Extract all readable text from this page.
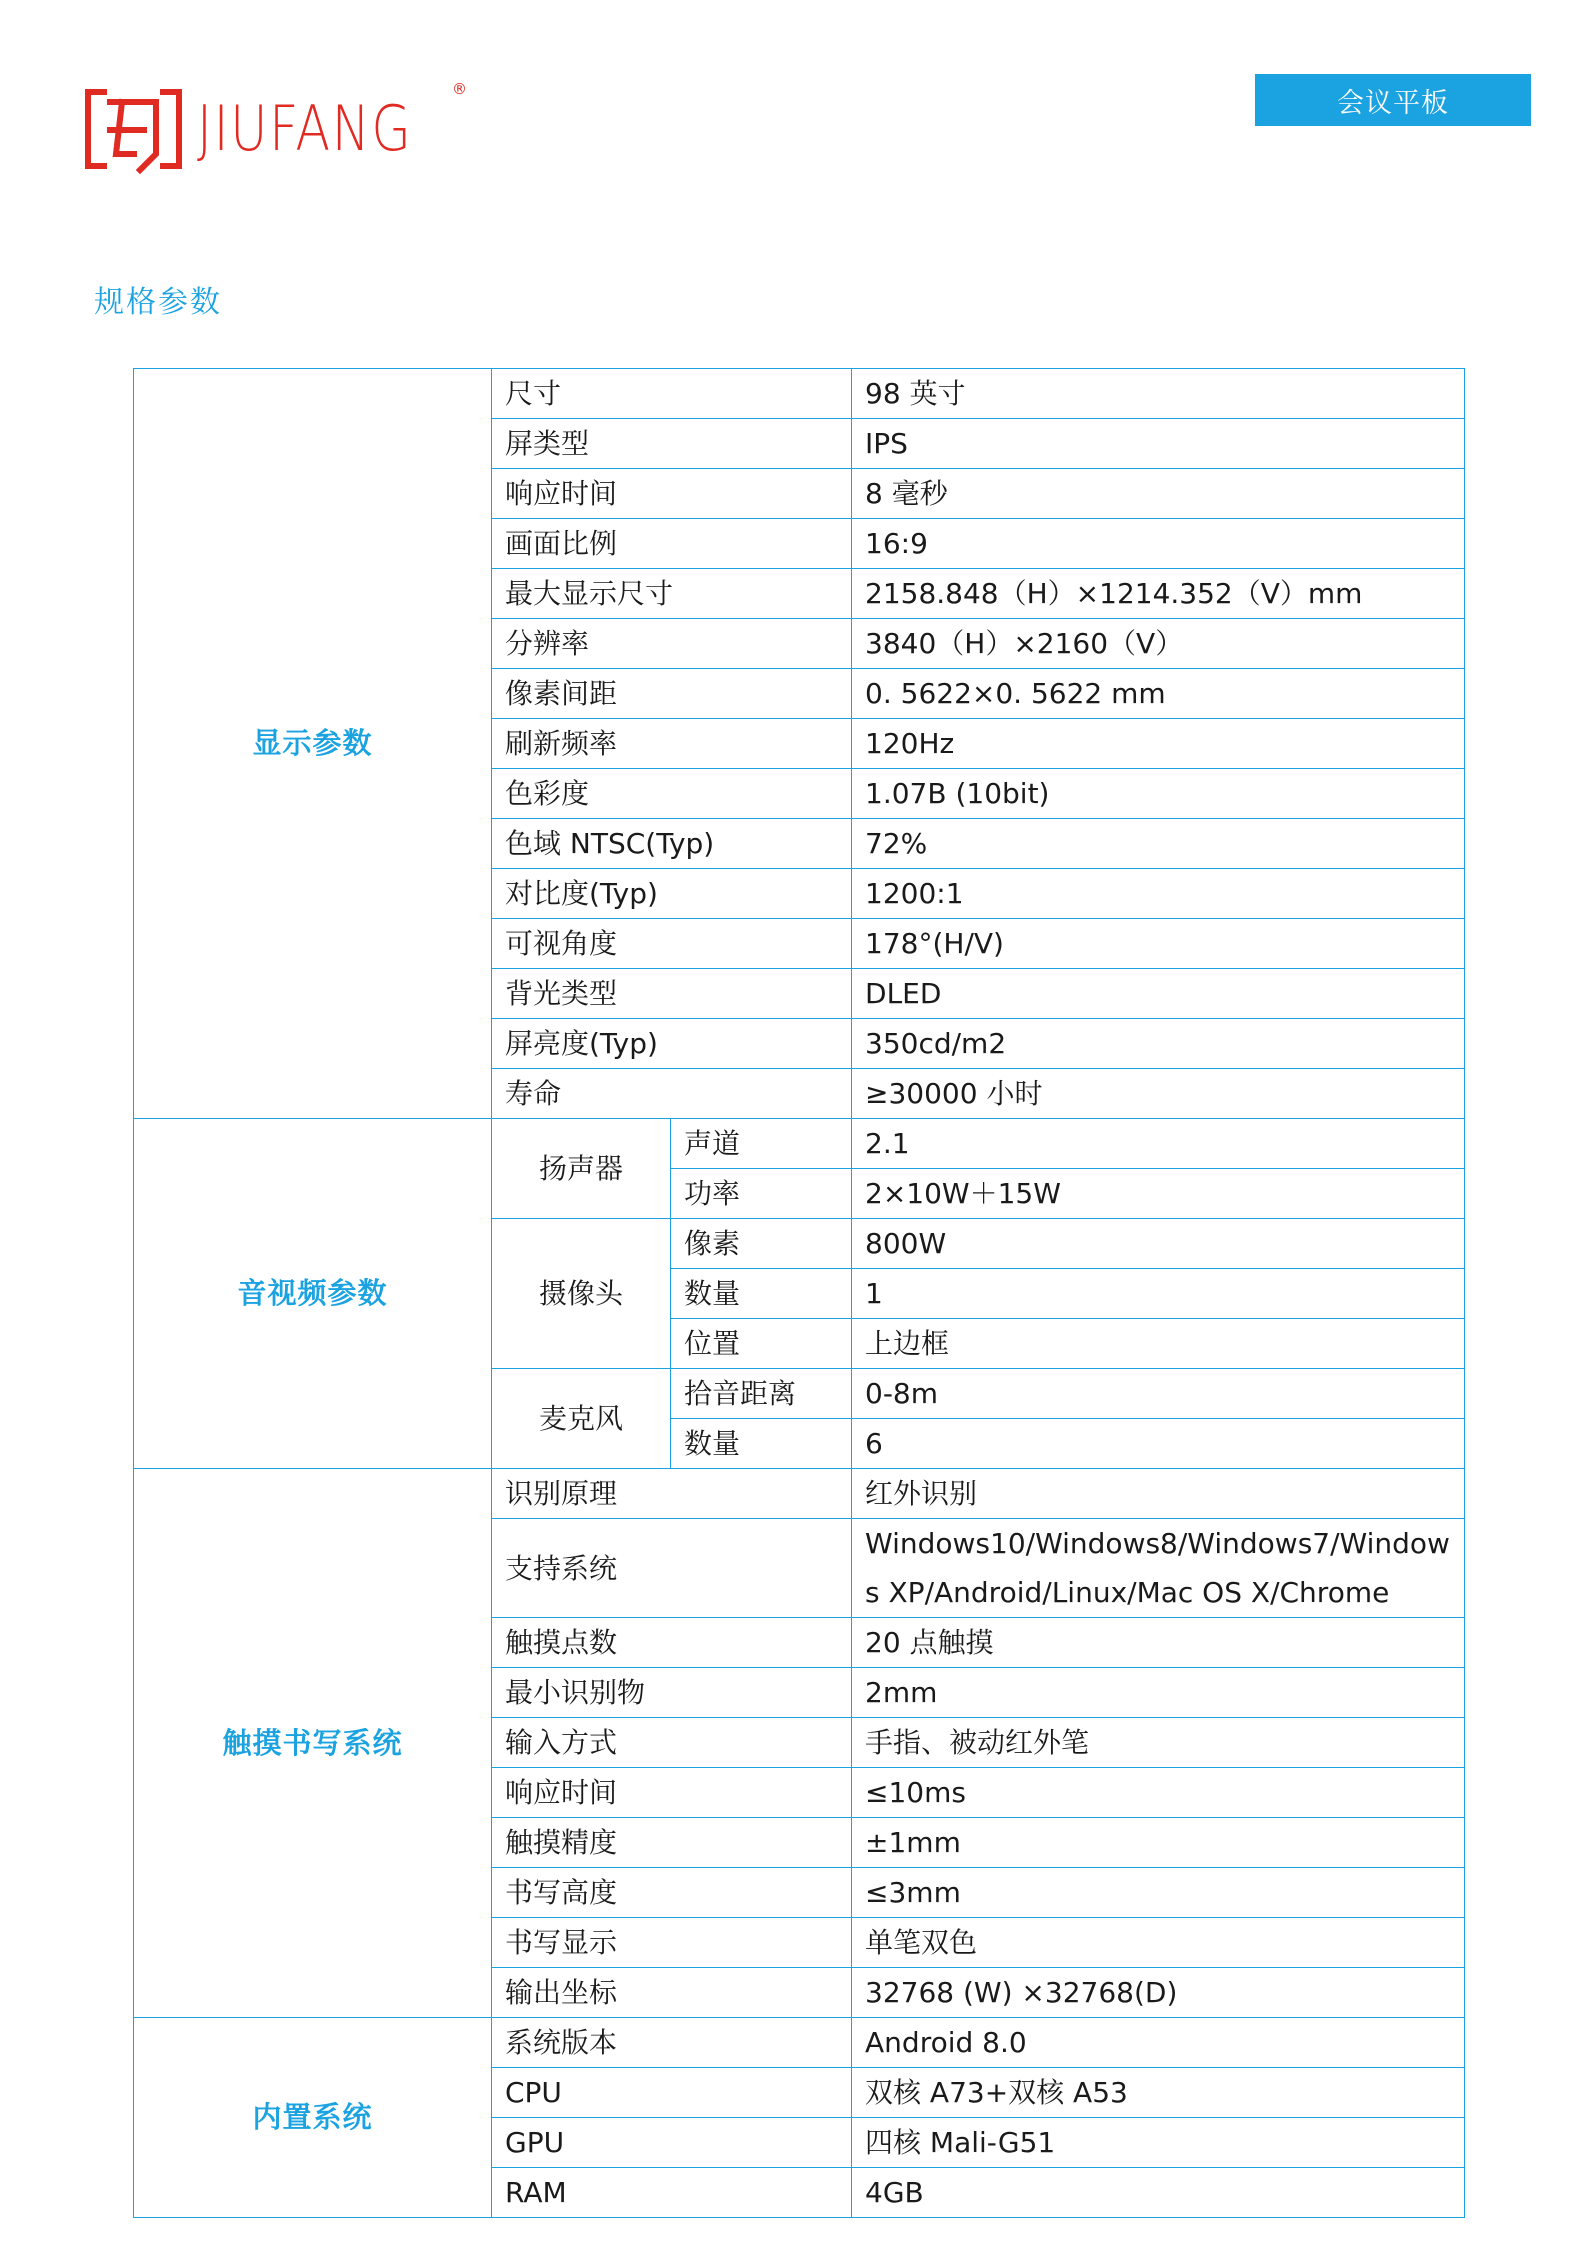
JIUFANG
®	会议平板
规格参数
显示参数	尺寸		98 英寸
	屏类型		IPS
	响应时间		8 毫秒
	画面比例		16:9
	最大显示尺寸		2158.848（H）×1214.352（V）mm
	分辨率		3840（H）×2160（V）
	像素间距		0. 5622×0. 5622 mm
	刷新频率		120Hz
	色彩度		1.07B (10bit)
	色域 NTSC(Typ)		72%
	对比度(Typ)		1200:1
	可视角度		178°(H/V)
	背光类型		DLED
	屏亮度(Typ)		350cd/m2
	寿命		≥30000 小时
音视频参数	扬声器	声道	2.1
		功率	2×10W＋15W
	摄像头	像素	800W
		数量	1
		位置	上边框
	麦克风	拾音距离	0-8m
		数量	6
触摸书写系统	识别原理		红外识别
	支持系统		Windows10/Windows8/Windows7/Windows XP/Android/Linux/Mac OS X/Chrome
	触摸点数		20 点触摸
	最小识别物		2mm
	输入方式		手指、被动红外笔
	响应时间		≤10ms
	触摸精度		±1mm
	书写高度		≤3mm
	书写显示		单笔双色
	输出坐标		32768 (W) ×32768(D)
内置系统	系统版本		Android 8.0
	CPU		双核 A73+双核 A53
	GPU		四核 Mali-G51
	RAM		4GB
